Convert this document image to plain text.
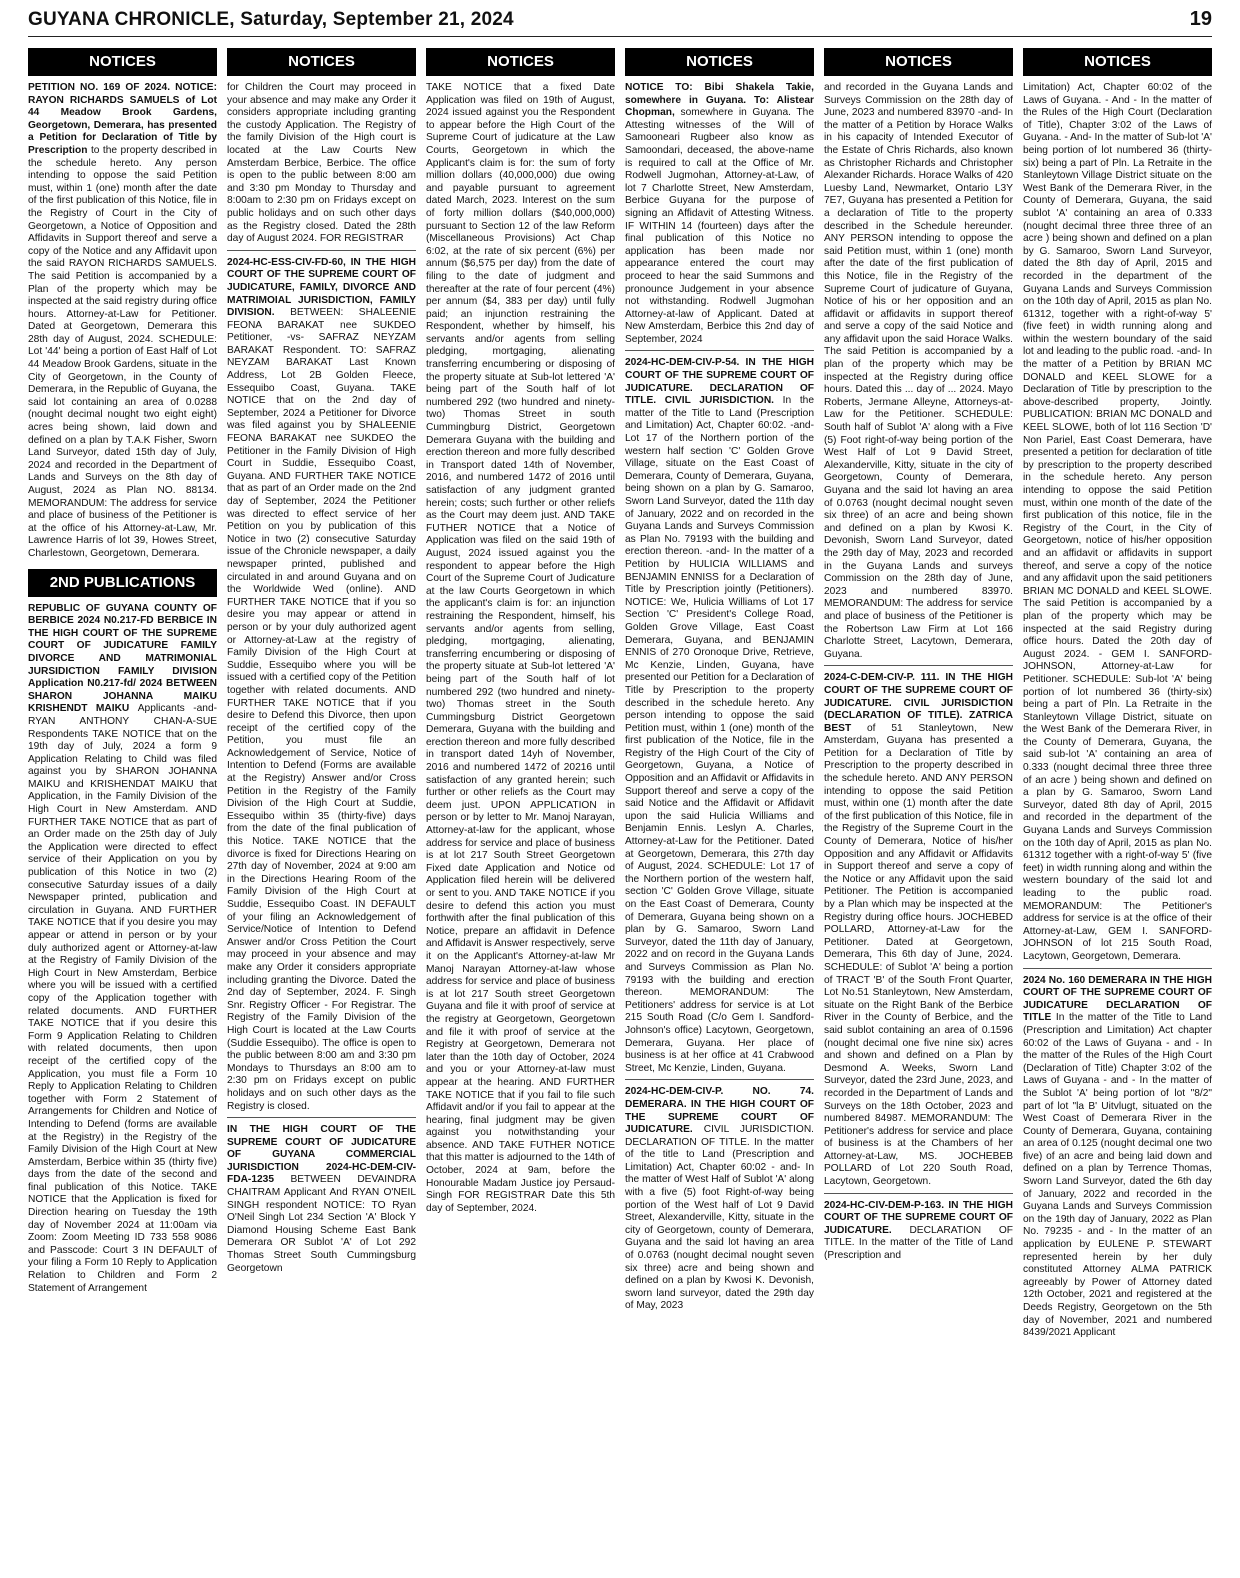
GUYANA CHRONICLE, Saturday, September 21, 2024	19
NOTICES

PETITION NO. 169 OF 2024. NOTICE: RAYON RICHARDS SAMUELS of Lot 44 Meadow Brook Gardens, Georgetown, Demerara, has presented a Petition for Declaration of Title by Prescription to the property described in the schedule hereto. Any person intending to oppose the said Petition must, within 1 (one) month after the date of the first publication of this Notice, file in the Registry of Court in the City of Georgetown, a Notice of Opposition and Affidavits in Support thereof and serve a copy of the Notice and any Affidavit upon the said RAYON RICHARDS SAMUELS. The said Petition is accompanied by a Plan of the property which may be inspected at the said registry during office hours. Attorney-at-Law for Petitioner. Dated at Georgetown, Demerara this 28th day of August, 2024. SCHEDULE: Lot '44' being a portion of East Half of Lot 44 Meadow Brook Gardens, situate in the City of Georgetown, in the County of Demerara, in the Republic of Guyana, the said lot containing an area of 0.0288 (nought decimal nought two eight eight) acres being shown, laid down and defined on a plan by T.A.K Fisher, Sworn Land Surveyor, dated 15th day of July, 2024 and recorded in the Department of Lands and Surveys on the 8th day of August, 2024 as Plan NO. 88134. MEMORANDUM: The address for service and place of business of the Petitioner is at the office of his Attorney-at-Law, Mr. Lawrence Harris of lot 39, Howes Street, Charlestown, Georgetown, Demerara.

2ND PUBLICATIONS

REPUBLIC OF GUYANA COUNTY OF BERBICE 2024 N0.217-FD BERBICE IN THE HIGH COURT OF THE SUPREME COURT OF JUDICATURE FAMILY DIVORCE AND MATRIMONIAL JURSIDICTION FAMILY DIVISION Application N0.217-fd/ 2024 BETWEEN SHARON JOHANNA MAIKU KRISHENDT MAIKU Applicants -and- RYAN ANTHONY CHAN-A-SUE Respondents TAKE NOTICE that on the 19th day of July, 2024 a form 9 Application Relating to Child was filed against you by SHARON JOHANNA MAIKU and KRISHENDAT MAIKU that Application, in the Family Division of the High Court in New Amsterdam. AND FURTHER TAKE NOTICE that as part of an Order made on the 25th day of July the Application were directed to effect service of their Application on you by publication of this Notice in two (2) consecutive Saturday issues of a daily Newspaper printed, publication and circulation in Guyana. AND FURTHER TAKE NOTICE that if you desire you may appear or attend in person or by your duly authorized agent or Attorney-at-law at the Registry of Family Division of the High Court in New Amsterdam, Berbice where you will be issued with a certified copy of the Application together with related documents. AND FURTHER TAKE NOTICE that if you desire this Form 9 Application Relating to Children with related documents, then upon receipt of the certified copy of the Application, you must file a Form 10 Reply to Application Relating to Children together with Form 2 Statement of Arrangements for Children and Notice of Intending to Defend (forms are available at the Registry) in the Registry of the Family Division of the High Court at New Amsterdam, Berbice within 35 (thirty five) days from the date of the second and final publication of this Notice. TAKE NOTICE that the Application is fixed for Direction hearing on Tuesday the 19th day of November 2024 at 11:00am via Zoom: Zoom Meeting ID 733 558 9086 and Passcode: Court 3 IN DEFAULT of your filing a Form 10 Reply to Application Relation to Children and Form 2 Statement of Arrangement

NOTICES

for Children the Court may proceed in your absence and may make any Order it considers appropriate including granting the custody Application. The Registry of the family Division of the High court is located at the Law Courts New Amsterdam Berbice, Berbice. The office is open to the public between 8:00 am and 3:30 pm Monday to Thursday and 8:00am to 2:30 pm on Fridays except on public holidays and on such other days as the Registry closed. Dated the 28th day of August 2024. FOR REGISTRAR

2024-HC-ESS-CIV-FD-60, IN THE HIGH COURT OF THE SUPREME COURT OF JUDICATURE, FAMILY, DIVORCE AND MATRIMOIAL JURISDICTION, FAMILY DIVISION. BETWEEN: SHALEENIE FEONA BARAKAT nee SUKDEO Petitioner, -vs- SAFRAZ NEYZAM BARAKAT Respondent. TO: SAFRAZ NEYZAM BARAKAT Last Known Address, Lot 2B Golden Fleece, Essequibo Coast, Guyana. TAKE NOTICE that on the 2nd day of September, 2024 a Petitioner for Divorce was filed against you by SHALEENIE FEONA BARAKAT nee SUKDEO the Petitioner in the Family Division of High Court in Suddie, Essequibo Coast, Guyana. AND FURTHER TAKE NOTICE that as part of an Order made on the 2nd day of September, 2024 the Petitioner was directed to effect service of her Petition on you by publication of this Notice in two (2) consecutive Saturday issue of the Chronicle newspaper, a daily newspaper printed, published and circulated in and around Guyana and on the Worldwide Wed (online). AND FURTHER TAKE NOTICE that if you so desire you may appear or attend in person or by your duly authorized agent or Attorney-at-Law at the registry of Family Division of the High Court at Suddie, Essequibo where you will be issued with a certified copy of the Petition together with related documents. AND FURTHER TAKE NOTICE that if you desire to Defend this Divorce, then upon receipt of the certified copy of the Petition, you must file an Acknowledgement of Service, Notice of Intention to Defend (Forms are available at the Registry) Answer and/or Cross Petition in the Registry of the Family Division of the High Court at Suddie, Essequibo within 35 (thirty-five) days from the date of the final publication of this Notice. TAKE NOTICE that the divorce is fixed for Directions Hearing on 27th day of November, 2024 at 9:00 am in the Directions Hearing Room of the Family Division of the High Court at Suddie, Essequibo Coast. IN DEFAULT of your filing an Acknowledgement of Service/Notice of Intention to Defend Answer and/or Cross Petition the Court may proceed in your absence and may make any Order it considers appropriate including granting the Divorce. Dated the 2nd day of September, 2024. F. Singh Snr. Registry Officer - For Registrar. The Registry of the Family Division of the High Court is located at the Law Courts (Suddie Essequibo). The office is open to the public between 8:00 am and 3:30 pm Mondays to Thursdays an 8:00 am to 2:30 pm on Fridays except on public holidays and on such other days as the Registry is closed.

IN THE HIGH COURT OF THE SUPREME COURT OF JUDICATURE OF GUYANA COMMERCIAL JURISDICTION 2024-HC-DEM-CIV-FDA-1235 BETWEEN DEVAINDRA CHAITRAM Applicant And RYAN O'NEIL SINGH respondent NOTICE: TO Ryan O'Neil Singh Lot 234 Section 'A' Block Y Diamond Housing Scheme East Bank Demerara OR Sublot 'A' of Lot 292 Thomas Street South Cummingsburg Georgetown

NOTICES

TAKE NOTICE that a fixed Date Application was filed on 19th of August, 2024 issued against you the Respondent to appear before the High Court of the Supreme Court of judicature at the Law Courts, Georgetown in which the Applicant's claim is for: the sum of forty million dollars (40,000,000) due owing and payable pursuant to agreement dated March, 2023. Interest on the sum of forty million dollars ($40,000,000) pursuant to Section 12 of the law Reform (Miscellaneous Provisions) Act Chap 6:02, at the rate of six percent (6%) per annum ($6,575 per day) from the date of filing to the date of judgment and thereafter at the rate of four percent (4%) per annum ($4, 383 per day) until fully paid; an injunction restraining the Respondent, whether by himself, his servants and/or agents from selling pledging, mortgaging, alienating transferring encumbering or disposing of the property situate at Sub-lot lettered 'A' being part of the South half of lot numbered 292 (two hundred and ninety-two) Thomas Street in south Cummingburg District, Georgetown Demerara Guyana with the building and erection thereon and more fully described in Transport dated 14th of November, 2016, and numbered 1472 of 2016 until satisfaction of any judgment granted herein; costs; such further or other reliefs as the Court may deem just. AND TAKE FUTHER NOTICE that a Notice of Application was filed on the said 19th of August, 2024 issued against you the respondent to appear before the High Court of the Supreme Court of Judicature at the law Courts Georgetown in which the applicant's claim is for: an injunction restraining the Respondent, himself, his servants and/or agents from selling, pledging, mortgaging, alienating, transferring encumbering or disposing of the property situate at Sub-lot lettered 'A' being part of the South half of lot numbered 292 (two hundred and ninety-two) Thomas street in the South Cummingsburg District Georgetown Demerara, Guyana with the building and erection thereon and more fully described in transport dated 14yh of November, 2016 and numbered 1472 of 20216 until satisfaction of any granted herein; such further or other reliefs as the Court may deem just. UPON APPLICATION in person or by letter to Mr. Manoj Narayan, Attorney-at-law for the applicant, whose address for service and place of business is at lot 217 South Street Georgetown Fixed date Application and Notice od Application filed herein will be delivered or sent to you. AND TAKE NOTICE if you desire to defend this action you must forthwith after the final publication of this Notice, prepare an affidavit in Defence and Affidavit is Answer respectively, serve it on the Applicant's Attorney-at-law Mr Manoj Narayan Attorney-at-law whose address for service and place of business is at lot 217 South street Georgetown Guyana and file it with proof of service at the registry at Georgetown, Georgetown and file it with proof of service at the Registry at Georgetown, Demerara not later than the 10th day of October, 2024 and you or your Attorney-at-law must appear at the hearing. AND FURTHER TAKE NOTICE that if you fail to file such Affidavit and/or if you fail to appear at the hearing, final judgment may be given against you notwithstanding your absence. AND TAKE FUTHER NOTICE that this matter is adjourned to the 14th of October, 2024 at 9am, before the Honourable Madam Justice joy Persaud-Singh FOR REGISTRAR Date this 5th day of September, 2024.

NOTICES

NOTICE TO: Bibi Shakela Takie, somewhere in Guyana. To: Alistear Chopman, somewhere in Guyana. The Attesting witnesses of the Will of Samooneari Rugbeer also know as Samoondari, deceased, the above-name is required to call at the Office of Mr. Rodwell Jugmohan, Attorney-at-Law, of lot 7 Charlotte Street, New Amsterdam, Berbice Guyana for the purpose of signing an Affidavit of Attesting Witness. IF WITHIN 14 (fourteen) days after the final publication of this Notice no application has been made nor appearance entered the court may proceed to hear the said Summons and pronounce Judgement in your absence not withstanding. Rodwell Jugmohan Attorney-at-law of Applicant. Dated at New Amsterdam, Berbice this 2nd day of September, 2024

2024-HC-DEM-CIV-P-54. IN THE HIGH COURT OF THE SUPREME COURT OF JUDICATURE. DECLARATION OF TITLE. CIVIL JURISDICTION. In the matter of the Title to Land (Prescription and Limitation) Act, Chapter 60:02. -and- Lot 17 of the Northern portion of the western half section 'C' Golden Grove Village, situate on the East Coast of Demerara, County of Demerara, Guyana, being shown on a plan by G. Samaroo, Sworn Land Surveyor, dated the 11th day of January, 2022 and on recorded in the Guyana Lands and Surveys Commission as Plan No. 79193 with the building and erection thereon. -and- In the matter of a Petition by HULICIA WILLIAMS and BENJAMIN ENNISS for a Declaration of Title by Prescription jointly (Petitioners). NOTICE: We, Hulicia Williams of Lot 17 Section 'C' President's College Road, Golden Grove Village, East Coast Demerara, Guyana, and BENJAMIN ENNIS of 270 Oronoque Drive, Retrieve, Mc Kenzie, Linden, Guyana, have presented our Petition for a Declaration of Title by Prescription to the property described in the schedule hereto. Any person intending to oppose the said Petition must, within 1 (one) month of the first publication of the Notice, file in the Registry of the High Court of the City of Georgetown, Guyana, a Notice of Opposition and an Affidavit or Affidavits in Support thereof and serve a copy of the said Notice and the Affidavit or Affidavit upon the said Hulicia Williams and Benjamin Ennis. Leslyn A. Charles, Attorney-at-Law for the Petitioner. Dated at Georgetown, Demerara, this 27th day of August, 2024. SCHEDULE: Lot 17 of the Northern portion of the western half, section 'C' Golden Grove Village, situate on the East Coast of Demerara, County of Demerara, Guyana being shown on a plan by G. Samaroo, Sworn Land Surveyor, dated the 11th day of January, 2022 and on record in the Guyana Lands and Surveys Commission as Plan No. 79193 with the building and erection thereon. MEMORANDUM: The Petitioners' address for service is at Lot 215 South Road (C/o Gem I. Sandford-Johnson's office) Lacytown, Georgetown, Demerara, Guyana. Her place of business is at her office at 41 Crabwood Street, Mc Kenzie, Linden, Guyana.

2024-HC-DEM-CIV-P. NO. 74. DEMERARA. IN THE HIGH COURT OF THE SUPREME COURT OF JUDICATURE. CIVIL JURISDICTION. DECLARATION OF TITLE. In the matter of the title to Land (Prescription and Limitation) Act, Chapter 60:02 - and- In the matter of West Half of Sublot 'A' along with a five (5) foot Right-of-way being portion of the West half of Lot 9 David Street, Alexanderville, Kitty, situate in the city of Georgetown, county of Demerara, Guyana and the said lot having an area of 0.0763 (nought decimal nought seven six three) acre and being shown and defined on a plan by Kwosi K. Devonish, sworn land surveyor, dated the 29th day of May, 2023

NOTICES

and recorded in the Guyana Lands and Surveys Commission on the 28th day of June, 2023 and numbered 83970 -and- In the matter of a Petition by Horace Walks in his capacity of Intended Executor of the Estate of Chris Richards, also known as Christopher Richards and Christopher Alexander Richards. Horace Walks of 420 Luesby Land, Newmarket, Ontario L3Y 7E7, Guyana has presented a Petition for a declaration of Title to the property described in the Schedule hereunder. ANY PERSON intending to oppose the said Petition must, within 1 (one) month after the date of the first publication of this Notice, file in the Registry of the Supreme Court of judicature of Guyana, Notice of his or her opposition and an affidavit or affidavits in support thereof and serve a copy of the said Notice and any affidavit upon the said Horace Walks. The said Petition is accompanied by a plan of the property which may be inspected at the Registry during office hours. Dated this ... day of ... 2024. Mayo Roberts, Jermane Alleyne, Attorneys-at-Law for the Petitioner. SCHEDULE: South half of Sublot 'A' along with a Five (5) Foot right-of-way being portion of the West Half of Lot 9 David Street, Alexanderville, Kitty, situate in the city of Georgetown, County of Demerara, Guyana and the said lot having an area of 0.0763 (nought decimal nought seven six three) of an acre and being shown and defined on a plan by Kwosi K. Devonish, Sworn Land Surveyor, dated the 29th day of May, 2023 and recorded in the Guyana Lands and surveys Commission on the 28th day of June, 2023 and numbered 83970. MEMORANDUM: The address for service and place of business of the Petitioner is the Robertson Law Firm at Lot 166 Charlotte Street, Lacytown, Demerara, Guyana.

2024-C-DEM-CIV-P. 111. IN THE HIGH COURT OF THE SUPREME COURT OF JUDICATURE. CIVIL JURISDICTION (DECLARATION OF TITLE). ZATRICA BEST of 51 Stanleytown, New Amsterdam, Guyana has presented a Petition for a Declaration of Title by Prescription to the property described in the schedule hereto. AND ANY PERSON intending to oppose the said Petition must, within one (1) month after the date of the first publication of this Notice, file in the Registry of the Supreme Court in the County of Demerara, Notice of his/her Opposition and any Affidavit or Affidavits in Support thereof and serve a copy of the Notice or any Affidavit upon the said Petitioner. The Petition is accompanied by a Plan which may be inspected at the Registry during office hours. JOCHEBED POLLARD, Attorney-at-Law for the Petitioner. Dated at Georgetown, Demerara, This 6th day of June, 2024. SCHEDULE: of Sublot 'A' being a portion of TRACT 'B' of the South Front Quarter, Lot No.51 Stanleytown, New Amsterdam, situate on the Right Bank of the Berbice River in the County of Berbice, and the said sublot containing an area of 0.1596 (nought decimal one five nine six) acres and shown and defined on a Plan by Desmond A. Weeks, Sworn Land Surveyor, dated the 23rd June, 2023, and recorded in the Department of Lands and Surveys on the 18th October, 2023 and numbered 84987. MEMORANDUM: The Petitioner's address for service and place of business is at the Chambers of her Attorney-at-Law, MS. JOCHEBEB POLLARD of Lot 220 South Road, Lacytown, Georgetown.

2024-HC-CIV-DEM-P-163. IN THE HIGH COURT OF THE SUPREME COURT OF JUDICATURE. DECLARATION OF TITLE. In the matter of the Title of Land (Prescription and

NOTICES

Limitation) Act, Chapter 60:02 of the Laws of Guyana. - And - In the matter of the Rules of the High Court (Declaration of Title), Chapter 3:02 of the Laws of Guyana. - And- In the matter of Sub-lot 'A' being portion of lot numbered 36 (thirty-six) being a part of Pln. La Retraite in the Stanleytown Village District situate on the West Bank of the Demerara River, in the County of Demerara, Guyana, the said sublot 'A' containing an area of 0.333 (nought decimal three three three of an acre ) being shown and defined on a plan by G. Samaroo, Sworn Land Surveyor, dated the 8th day of April, 2015 and recorded in the department of the Guyana Lands and Surveys Commission on the 10th day of April, 2015 as plan No. 61312, together with a right-of-way 5' (five feet) in width running along and within the western boundary of the said lot and leading to the public road. -and- In the matter of a Petition by BRIAN MC DONALD and KEEL SLOWE for a Declaration of Title by prescription to the above-described property, Jointly. PUBLICATION: BRIAN MC DONALD and KEEL SLOWE, both of lot 116 Section 'D' Non Pariel, East Coast Demerara, have presented a petition for declaration of title by prescription to the property described in the schedule hereto. Any person intending to oppose the said Petition must, within one month of the date of the first publication of this notice, file in the Registry of the Court, in the City of Georgetown, notice of his/her opposition and an affidavit or affidavits in support thereof, and serve a copy of the notice and any affidavit upon the said petitioners BRIAN MC DONALD and KEEL SLOWE. The said Petition is accompanied by a plan of the property which may be inspected at the said Registry during office hours. Dated the 20th day of August 2024. - GEM I. SANFORD-JOHNSON, Attorney-at-Law for Petitioner. SCHEDULE: Sub-lot 'A' being portion of lot numbered 36 (thirty-six) being a part of Pln. La Retraite in the Stanleytown Village District, situate on the West Bank of the Demerara River, in the County of Demerara, Guyana, the said sub-lot 'A' containing an area of 0.333 (nought decimal three three three of an acre ) being shown and defined on a plan by G. Samaroo, Sworn Land Surveyor, dated 8th day of April, 2015 and recorded in the department of the Guyana Lands and Surveys Commission on the 10th day of April, 2015 as plan No. 61312 together with a right-of-way 5' (five feet) in width running along and within the western boundary of the said lot and leading to the public road. MEMORANDUM: The Petitioner's address for service is at the office of their Attorney-at-Law, GEM I. SANFORD-JOHNSON of lot 215 South Road, Lacytown, Georgetown, Demerara.

2024 No. 160 DEMERARA IN THE HIGH COURT OF THE SUPREME COURT OF JUDICATURE DECLARATION OF TITLE In the matter of the Title to Land (Prescription and Limitation) Act chapter 60:02 of the Laws of Guyana - and - In the matter of the Rules of the High Court (Declaration of Title) Chapter 3:02 of the Laws of Guyana - and - In the matter of the Sublot 'A' being portion of lot "8/2" part of lot "la B' Uitvlugt, situated on the West Coast of Demerara River in the County of Demerara, Guyana, containing an area of 0.125 (nought decimal one two five) of an acre and being laid down and defined on a plan by Terrence Thomas, Sworn Land Surveyor, dated the 6th day of January, 2022 and recorded in the Guyana Lands and Surveys Commission on the 19th day of January, 2022 as Plan No. 79235 - and - In the matter of an application by EULENE P. STEWART represented herein by her duly constituted Attorney ALMA PATRICK agreeably by Power of Attorney dated 12th October, 2021 and registered at the Deeds Registry, Georgetown on the 5th day of November, 2021 and numbered 8439/2021 Applicant
